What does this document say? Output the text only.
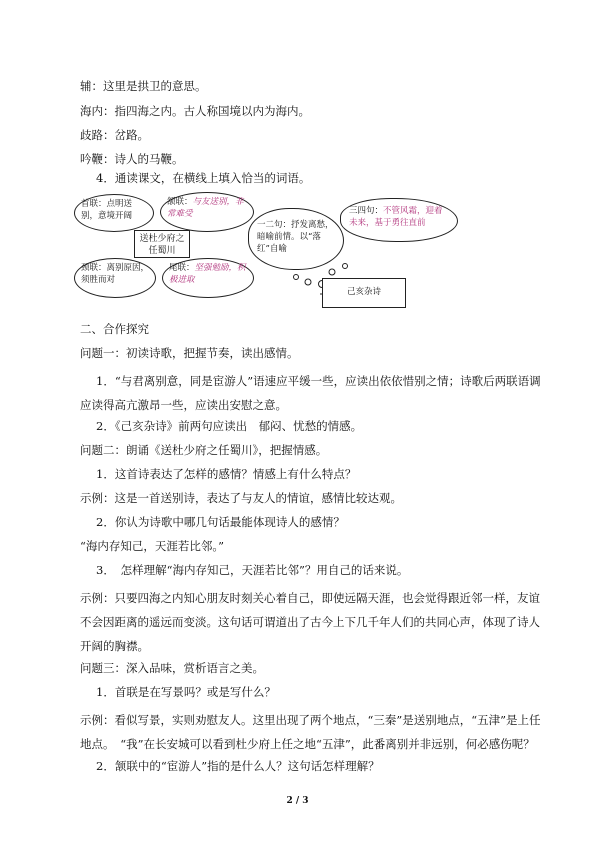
辅：这里是拱卫的意思。
海内：指四海之内。古人称国境以内为海内。
歧路：岔路。
吟鞭：诗人的马鞭。
4．通读课文，在横线上填入恰当的词语。
首联：点明送别，意境开阔
颔联：与友送别，非常难受
送杜少府之任蜀川
颈联：离别原因，须胜而对
尾联：坚强勉励，积极进取
一二句：抒发离愁，暗喻前情。以“落红”自喻
三四句：不管风霜，迎着未来，基于勇往直前
己亥杂诗
二、合作探究
问题一：初读诗歌，把握节奏，读出感情。
1．“与君离别意，同是宦游人”语速应平缓一些，应读出依依惜别之情；诗歌后两联语调应读得高亢激昂一些，应读出安慰之意。
2．《己亥杂诗》前两句应读出　郁闷、忧愁的情感。
问题二：朗诵《送杜少府之任蜀川》，把握情感。
1．这首诗表达了怎样的感情？情感上有什么特点？
示例：这是一首送别诗，表达了与友人的情谊，感情比较达观。
2．你认为诗歌中哪几句话最能体现诗人的感情？
“海内存知己，天涯若比邻。”
3．　怎样理解“海内存知己，天涯若比邻”？用自己的话来说。
示例：只要四海之内知心朋友时刻关心着自己，即使远隔天涯，也会觉得跟近邻一样，友谊不会因距离的遥远而变淡。这句话可谓道出了古今上下几千年人们的共同心声，体现了诗人开阔的胸襟。
问题三：深入品味，赏析语言之美。
1．首联是在写景吗？或是写什么？
示例：看似写景，实则劝慰友人。这里出现了两个地点，“三秦”是送别地点，“五津”是上任地点。　“我”在长安城可以看到杜少府上任之地“五津”，此番离别并非远别，何必感伤呢？
2．颔联中的“宦游人”指的是什么人？这句话怎样理解？
2 / 3
